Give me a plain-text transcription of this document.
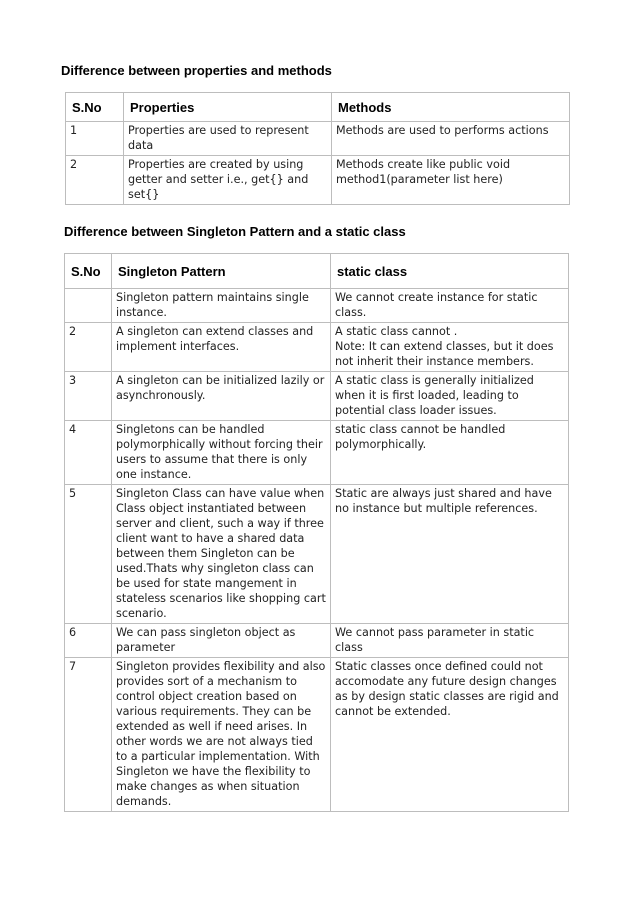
Difference between properties and methods
S.No	Properties	Methods
1	Properties are used to represent data	Methods are used to performs actions
2	Properties are created by using getter and setter i.e., get{} and set{}	Methods create like public void method1(parameter list here)
Difference between Singleton Pattern and a static class
S.No	Singleton Pattern	static class
	Singleton pattern maintains single instance.	We cannot create instance for static class.
2	A singleton can extend classes and implement interfaces.	A static class cannot .
Note: It can extend classes, but it does not inherit their instance members.
3	A singleton can be initialized lazily or asynchronously.	A static class is generally initialized when it is first loaded, leading to potential class loader issues.
4	Singletons can be handled polymorphically without forcing their users to assume that there is only one instance.	static class cannot be handled polymorphically.
5	Singleton Class can have value when Class object instantiated between server and client, such a way if three client want to have a shared data between them Singleton can be used.Thats why singleton class can be used for state mangement in stateless scenarios like shopping cart scenario.	Static are always just shared and have no instance but multiple references.
6	We can pass singleton object as parameter	We cannot pass parameter in static class
7	Singleton provides flexibility and also provides sort of a mechanism to control object creation based on various requirements. They can be extended as well if need arises. In other words we are not always tied to a particular implementation. With Singleton we have the flexibility to make changes as when situation demands.	Static classes once defined could not accomodate any future design changes as by design static classes are rigid and cannot be extended.
